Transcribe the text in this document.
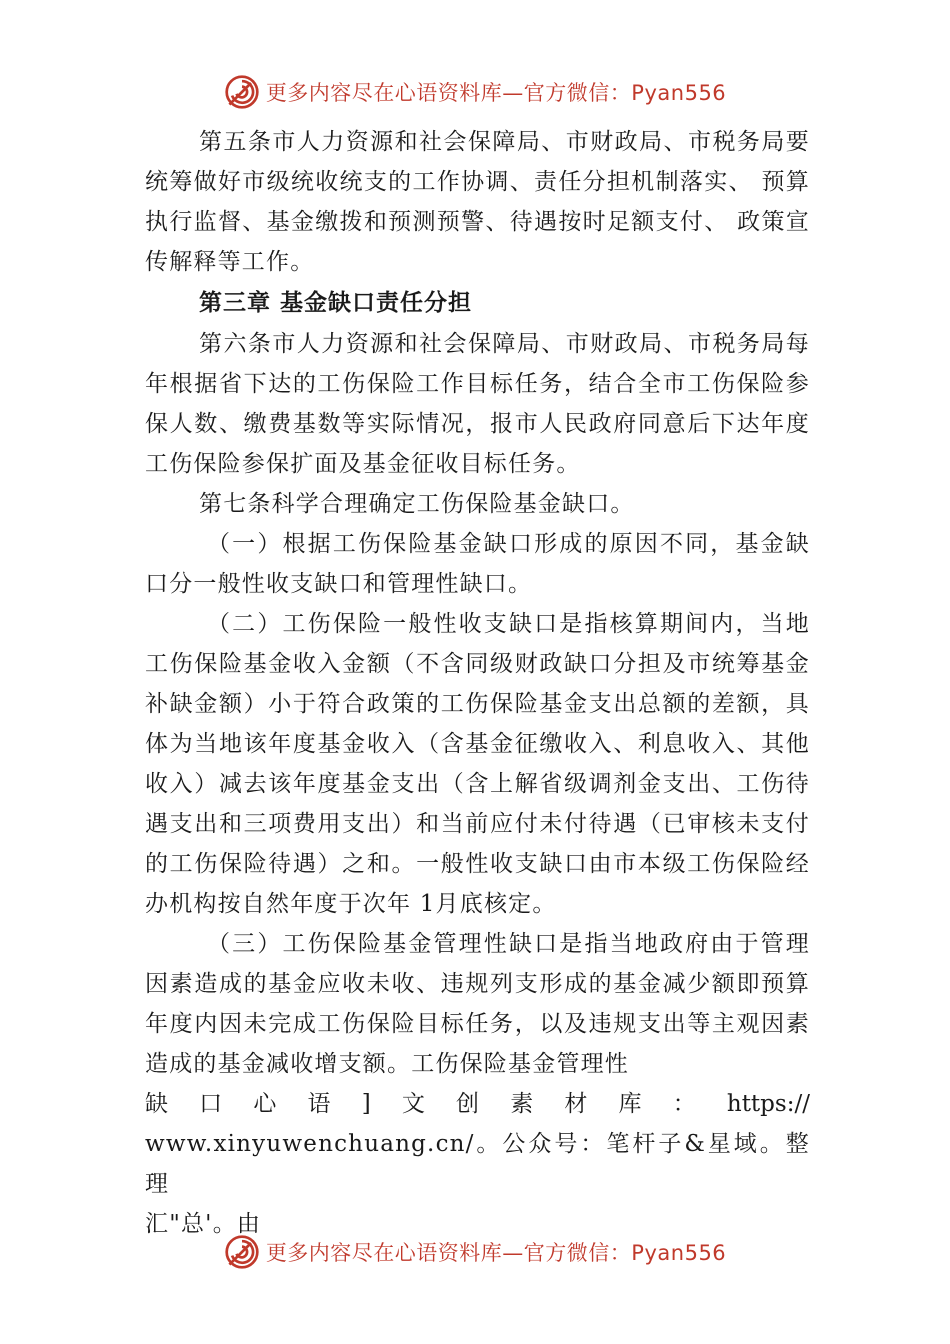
更多内容尽在心语资料库—官方微信：Pyan556

第五条市人力资源和社会保障局、市财政局、市税务局要统筹做好市级统收统支的工作协调、责任分担机制落实、 预算执行监督、基金缴拨和预测预警、待遇按时足额支付、 政策宣传解释等工作。

第三章 基金缺口责任分担

第六条市人力资源和社会保障局、市财政局、市税务局每年根据省下达的工伤保险工作目标任务，结合全市工伤保险参保人数、缴费基数等实际情况，报市人民政府同意后下达年度工伤保险参保扩面及基金征收目标任务。

第七条科学合理确定工伤保险基金缺口。

（一）根据工伤保险基金缺口形成的原因不同，基金缺口分一般性收支缺口和管理性缺口。

（二）工伤保险一般性收支缺口是指核算期间内，当地工伤保险基金收入金额（不含同级财政缺口分担及市统筹基金补缺金额）小于符合政策的工伤保险基金支出总额的差额，具体为当地该年度基金收入（含基金征缴收入、利息收入、其他收入）减去该年度基金支出（含上解省级调剂金支出、工伤待遇支出和三项费用支出）和当前应付未付待遇（已审核未支付的工伤保险待遇）之和。一般性收支缺口由市本级工伤保险经办机构按自然年度于次年 1月底核定。

（三）工伤保险基金管理性缺口是指当地政府由于管理因素造成的基金应收未收、违规列支形成的基金减少额即预算年度内因未完成工伤保险目标任务，以及违规支出等主观因素造成的基金减收增支额。工伤保险基金管理性

缺 口 心 语 ] 文 创 素 材 库 ： https://

www.xinyuwenchuang.cn/。公众号：笔杆子&星域。整理

汇"总'。由

更多内容尽在心语资料库—官方微信：Pyan556
